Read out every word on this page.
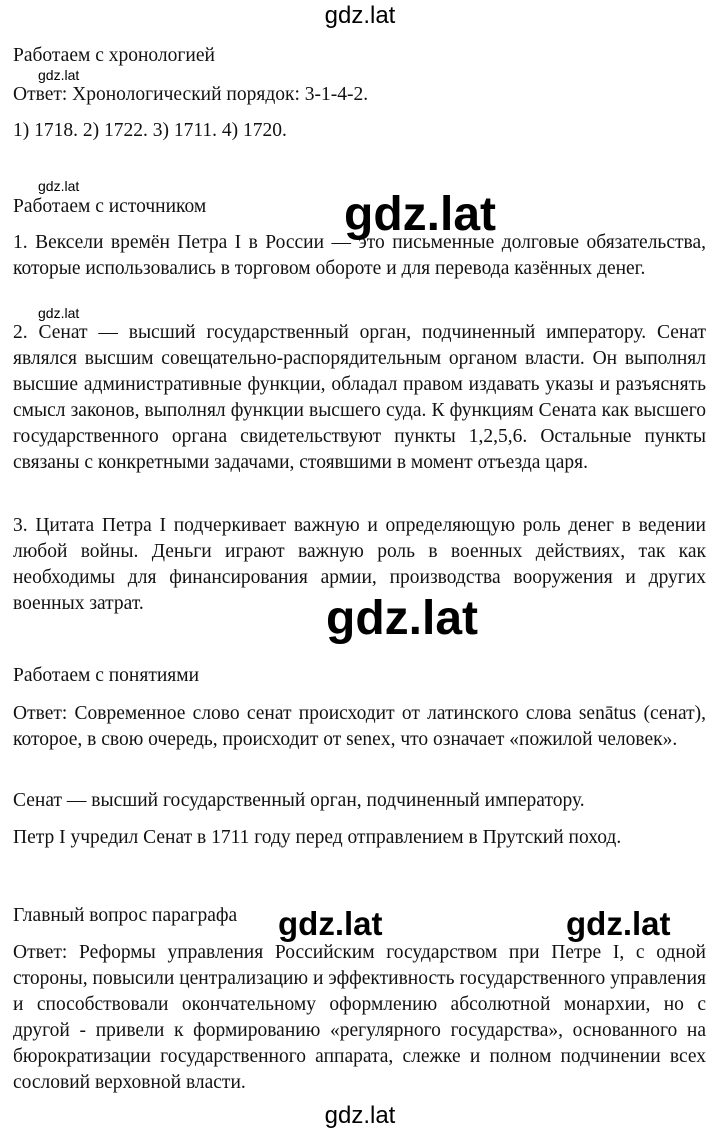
gdz.lat
Работаем с хронологией
gdz.lat
Ответ: Хронологический порядок: 3-1-4-2.
1) 1718. 2) 1722. 3) 1711. 4) 1720.
gdz.lat
Работаем с источником
1. Вексели времён Петра I в России — это письменные долговые обязательства, которые использовались в торговом обороте и для перевода казённых денег.
gdz.lat
2. Сенат — высший государственный орган, подчиненный императору. Сенат являлся высшим совещательно-распорядительным органом власти. Он выполнял высшие административные функции, обладал правом издавать указы и разъяснять смысл законов, выполнял функции высшего суда. К функциям Сената как высшего государственного органа свидетельствуют пункты 1,2,5,6. Остальные пункты связаны с конкретными задачами, стоявшими в момент отъезда царя.
3. Цитата Петра I подчеркивает важную и определяющую роль денег в ведении любой войны. Деньги играют важную роль в военных действиях, так как необходимы для финансирования армии, производства вооружения и других военных затрат.
Работаем с понятиями
Ответ: Современное слово сенат происходит от латинского слова senātus (сенат), которое, в свою очередь, происходит от senex, что означает «пожилой человек».
Сенат — высший государственный орган, подчиненный императору.
Петр I учредил Сенат в 1711 году перед отправлением в Прутский поход.
Главный вопрос параграфа
Ответ: Реформы управления Российским государством при Петре I, с одной стороны, повысили централизацию и эффективность государственного управления и способствовали окончательному оформлению абсолютной монархии, но с другой - привели к формированию «регулярного государства», основанного на бюрократизации государственного аппарата, слежке и полном подчинении всех сословий верховной власти.
gdz.lat
gdz.lat
gdz.lat	gdz.lat
gdz.lat
